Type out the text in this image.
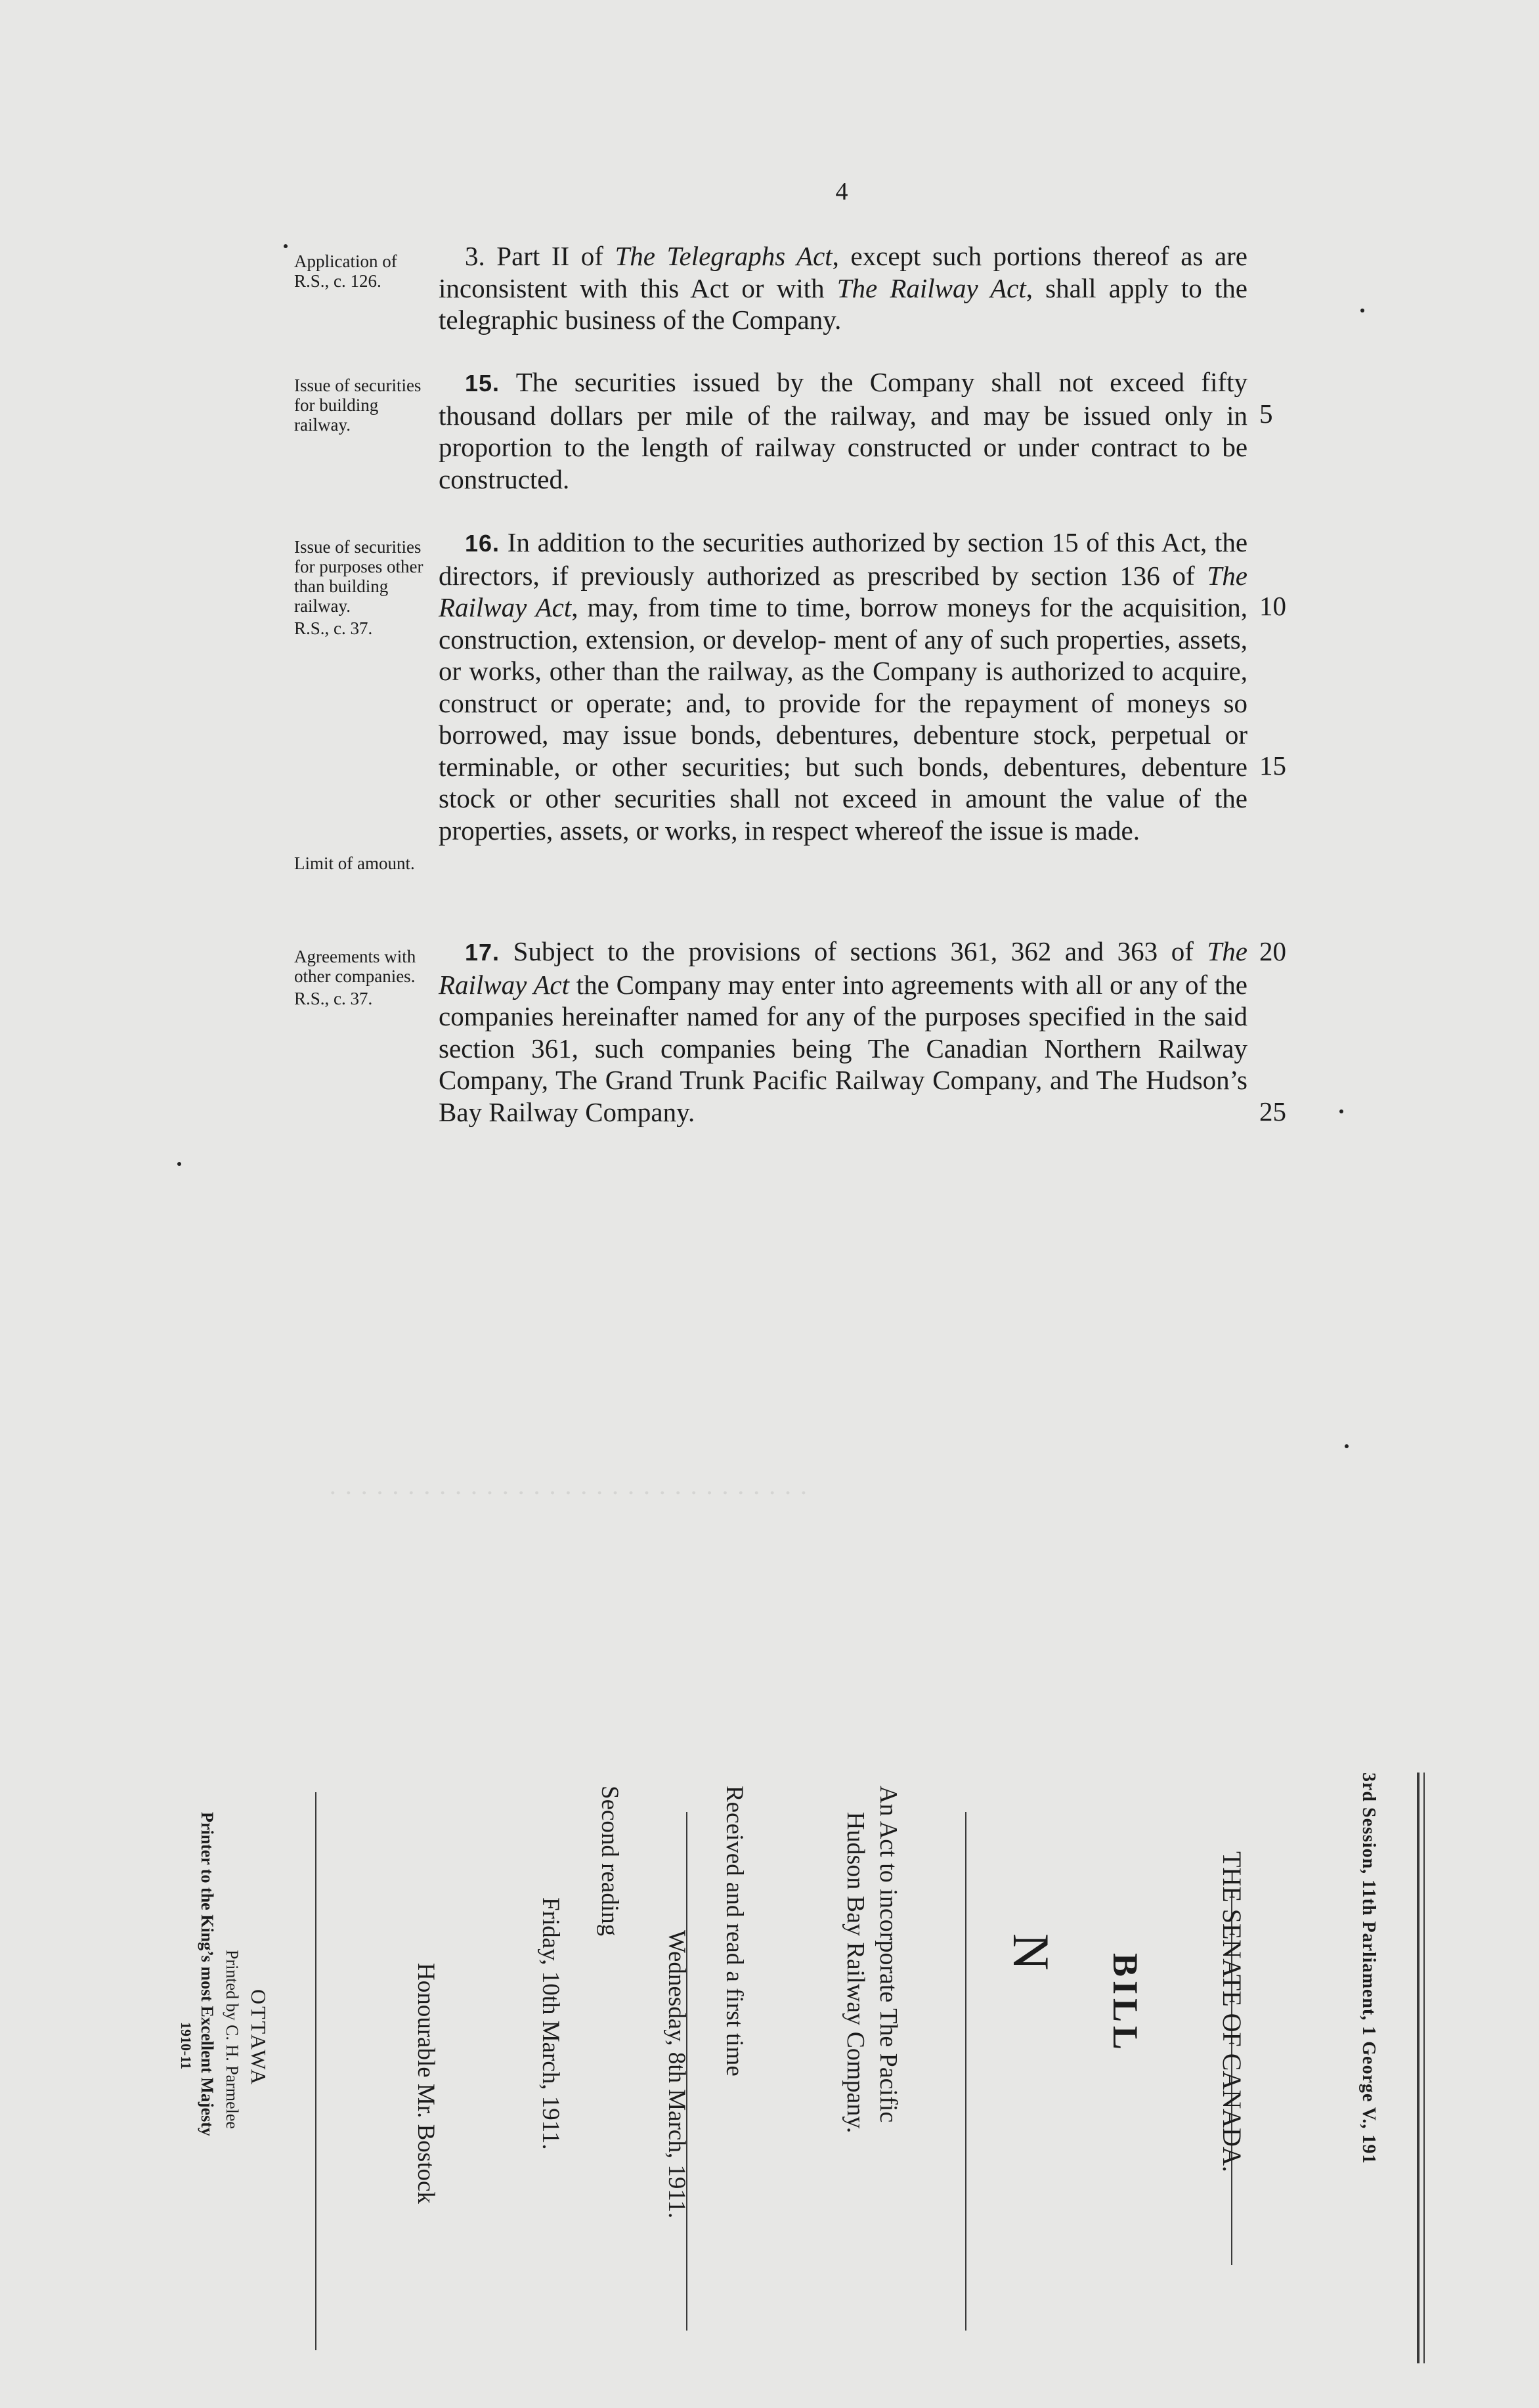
4
Application of R.S., c. 126.
3. Part II of The Telegraphs Act, except such portions thereof as are inconsistent with this Act or with The Railway Act, shall apply to the telegraphic business of the Company.
Issue of securities for building railway.
15. The securities issued by the Company shall not exceed fifty thousand dollars per mile of the railway, and may be issued only in proportion to the length of railway constructed or under contract to be constructed.
5
Issue of securities for purposes other than building railway.
R.S., c. 37.
Limit of amount.
16. In addition to the securities authorized by section 15 of this Act, the directors, if previously authorized as prescribed by section 136 of The Railway Act, may, from time to time, borrow moneys for the acquisition, construction, extension, or develop- ment of any of such properties, assets, or works, other than the railway, as the Company is authorized to acquire, construct or operate; and, to provide for the repayment of moneys so borrowed, may issue bonds, debentures, debenture stock, perpetual or terminable, or other securities; but such bonds, debentures, debenture stock or other securities shall not exceed in amount the value of the properties, assets, or works, in respect whereof the issue is made.
10
15
Agreements with other companies.
R.S., c. 37.
17. Subject to the provisions of sections 361, 362 and 363 of The Railway Act the Company may enter into agreements with all or any of the companies hereinafter named for any of the purposes specified in the said section 361, such companies being The Canadian Northern Railway Company, The Grand Trunk Pacific Railway Company, and The Hudson’s Bay Railway Company.
20
25
· · · · · · · · · · · · · · · · · · · · · · · · · · · · · · ·
3rd Session, 11th Parliament, 1 George V., 191
THE SENATE OF CANADA.
BILL
N
An Act to incorporate The Pacific
Hudson Bay Railway Company.
Received and read a first time
Wednesday, 8th March, 1911.
Second reading
Friday, 10th March, 1911.
Honourable Mr. Bostock
OTTAWA
Printed by C. H. Parmelee
Printer to the King’s most Excellent Majesty
1910-11
